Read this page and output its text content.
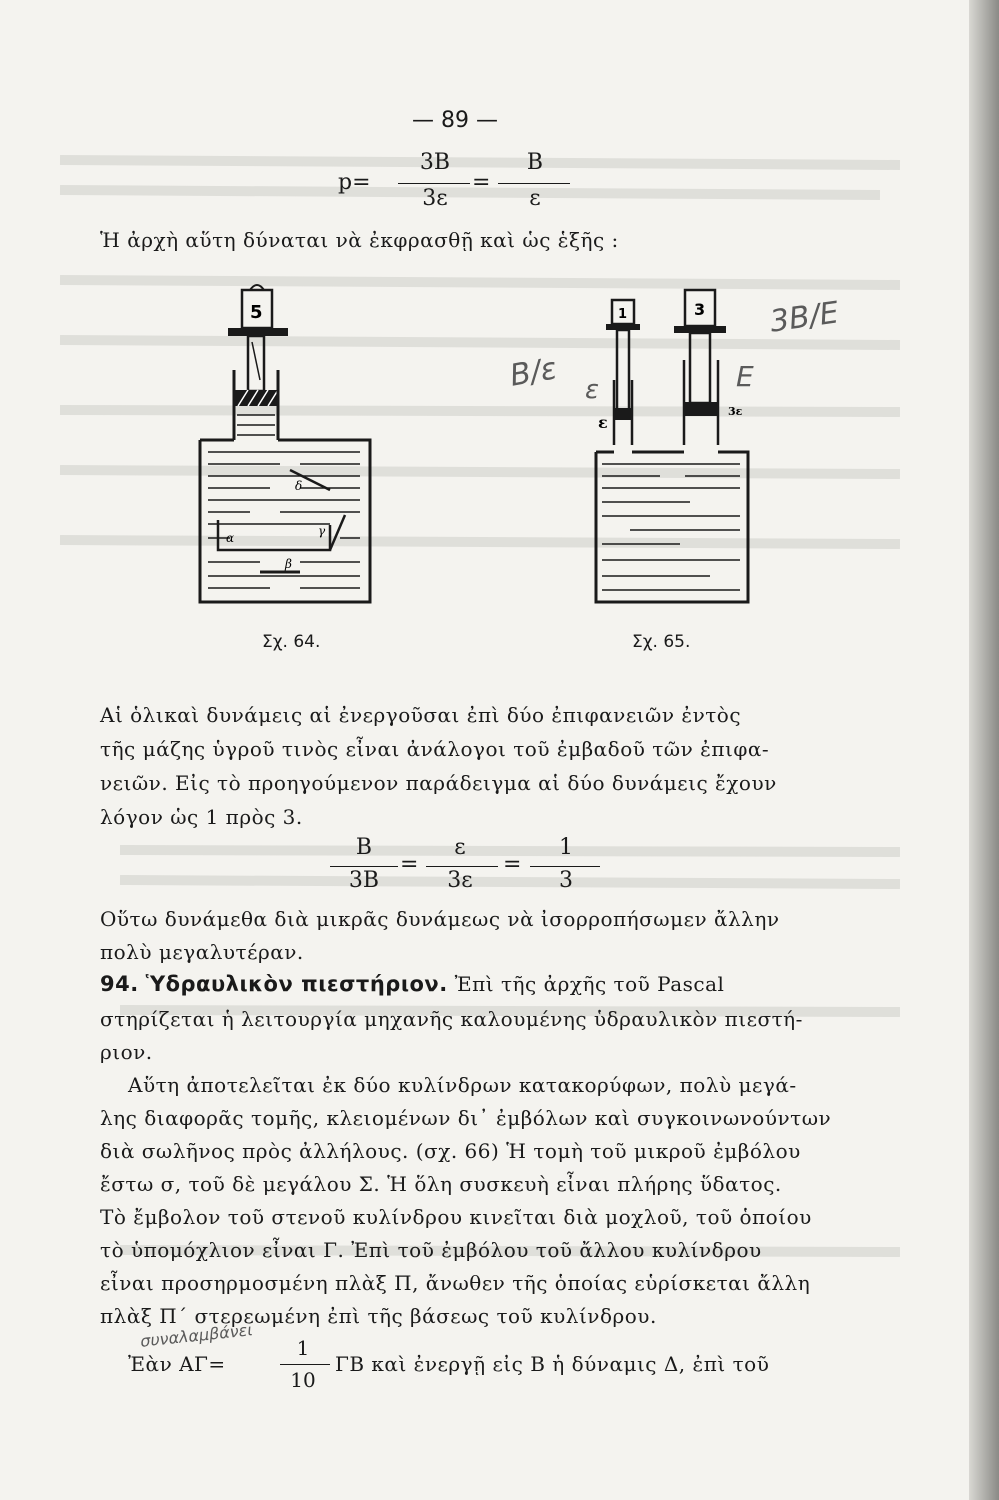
— 89 —
p=
3B
3ε
=
B
ε
Ἡ ἀρχὴ αὕτη δύναται νὰ ἐκφρασθῇ καὶ ὡς ἑξῆς :
5
δ
α
β
γ
Σχ. 64.
1
ε
3
3ε
Σχ. 65.
B/ε
3B/E
ε	E
Αἱ ὁλικαὶ δυνάμεις αἱ ἐνεργοῦσαι ἐπὶ δύο ἐπιφανειῶν ἐντὸς
τῆς μάζης ὑγροῦ τινὸς εἶναι ἀνάλογοι τοῦ ἐμβαδοῦ τῶν ἐπιφα-
νειῶν. Εἰς τὸ προηγούμενον παράδειγμα αἱ δύο δυνάμεις ἔχουν
λόγον ὡς 1 πρὸς 3.
B
3B
=
ε
3ε
=
1
3
Οὕτω δυνάμεθα διὰ μικρᾶς δυνάμεως νὰ ἰσορροπήσωμεν ἄλλην
πολὺ μεγαλυτέραν.
94. Ὑδραυλικὸν πιεστήριον. Ἐπὶ τῆς ἀρχῆς τοῦ Pascal
στηρίζεται ἡ λειτουργία μηχανῆς καλουμένης ὑδραυλικὸν πιεστή-
ριον.
Αὕτη ἀποτελεῖται ἐκ δύο κυλίνδρων κατακορύφων, πολὺ μεγά-
λης διαφορᾶς τομῆς, κλειομένων δι᾽ ἐμβόλων καὶ συγκοινωνούντων
διὰ σωλῆνος πρὸς ἀλλήλους. (σχ. 66) Ἡ τομὴ τοῦ μικροῦ ἐμβόλου
ἔστω σ, τοῦ δὲ μεγάλου Σ. Ἡ ὅλη συσκευὴ εἶναι πλήρης ὕδατος.
Τὸ ἔμβολον τοῦ στενοῦ κυλίνδρου κινεῖται διὰ μοχλοῦ, τοῦ ὁποίου
τὸ ὑπομόχλιον εἶναι Γ. Ἐπὶ τοῦ ἐμβόλου τοῦ ἄλλου κυλίνδρου
εἶναι προσηρμοσμένη πλὰξ Π, ἄνωθεν τῆς ὁποίας εὑρίσκεται ἄλλη
πλὰξ Π΄ στερεωμένη ἐπὶ τῆς βάσεως τοῦ κυλίνδρου.
συναλαμβάνει
Ἐὰν ΑΓ=
1
10
ΓΒ καὶ ἐνεργῇ εἰς Β ἡ δύναμις Δ, ἐπὶ τοῦ
